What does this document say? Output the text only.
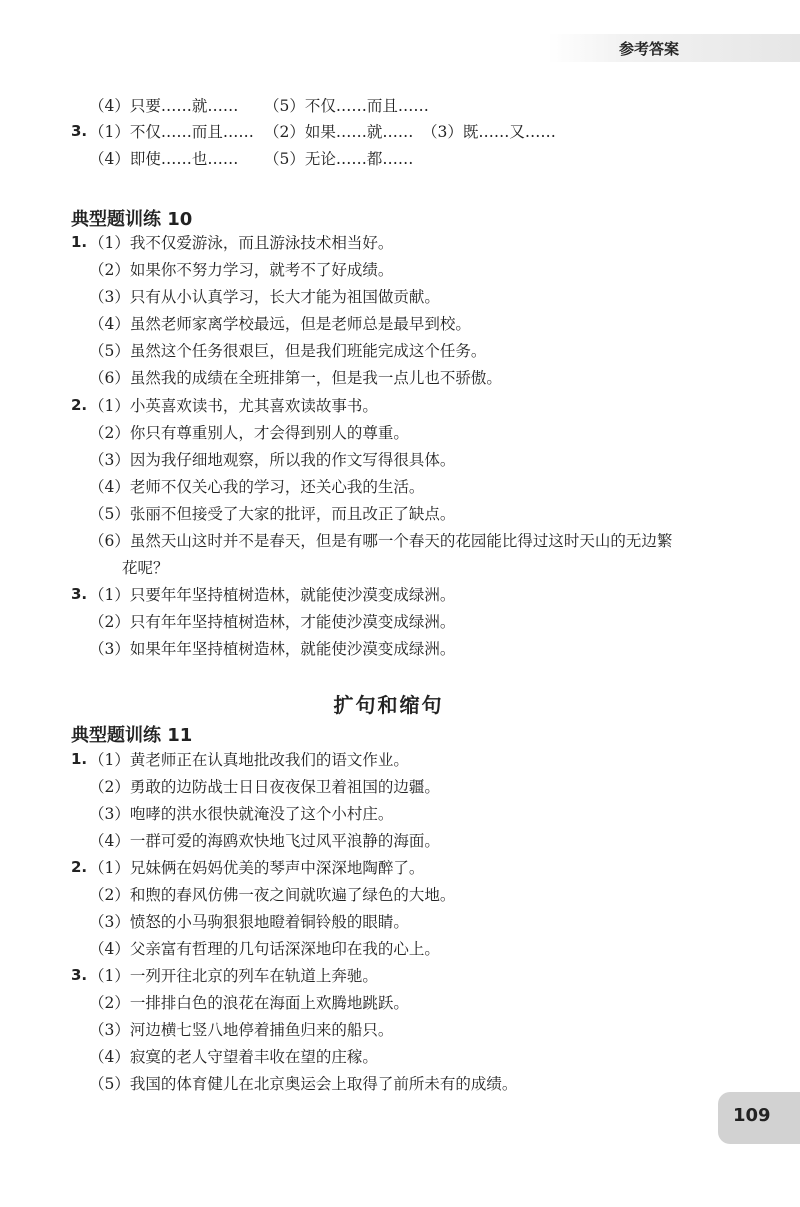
参考答案
（4）只要……就…… （5）不仅……而且……
3. （1）不仅……而且…… （2）如果……就…… （3）既……又……
（4）即使……也…… （5）无论……都……
典型题训练 10
1. （1）我不仅爱游泳，而且游泳技术相当好。
（2）如果你不努力学习，就考不了好成绩。
（3）只有从小认真学习，长大才能为祖国做贡献。
（4）虽然老师家离学校最远，但是老师总是最早到校。
（5）虽然这个任务很艰巨，但是我们班能完成这个任务。
（6）虽然我的成绩在全班排第一，但是我一点儿也不骄傲。
2. （1）小英喜欢读书，尤其喜欢读故事书。
（2）你只有尊重别人，才会得到别人的尊重。
（3）因为我仔细地观察，所以我的作文写得很具体。
（4）老师不仅关心我的学习，还关心我的生活。
（5）张丽不但接受了大家的批评，而且改正了缺点。
（6）虽然天山这时并不是春天，但是有哪一个春天的花园能比得过这时天山的无边繁
花呢？
3. （1）只要年年坚持植树造林，就能使沙漠变成绿洲。
（2）只有年年坚持植树造林，才能使沙漠变成绿洲。
（3）如果年年坚持植树造林，就能使沙漠变成绿洲。
扩句和缩句
典型题训练 11
1. （1）黄老师正在认真地批改我们的语文作业。
（2）勇敢的边防战士日日夜夜保卫着祖国的边疆。
（3）咆哮的洪水很快就淹没了这个小村庄。
（4）一群可爱的海鸥欢快地飞过风平浪静的海面。
2. （1）兄妹俩在妈妈优美的琴声中深深地陶醉了。
（2）和煦的春风仿佛一夜之间就吹遍了绿色的大地。
（3）愤怒的小马驹狠狠地瞪着铜铃般的眼睛。
（4）父亲富有哲理的几句话深深地印在我的心上。
3. （1）一列开往北京的列车在轨道上奔驰。
（2）一排排白色的浪花在海面上欢腾地跳跃。
（3）河边横七竖八地停着捕鱼归来的船只。
（4）寂寞的老人守望着丰收在望的庄稼。
（5）我国的体育健儿在北京奥运会上取得了前所未有的成绩。
109
